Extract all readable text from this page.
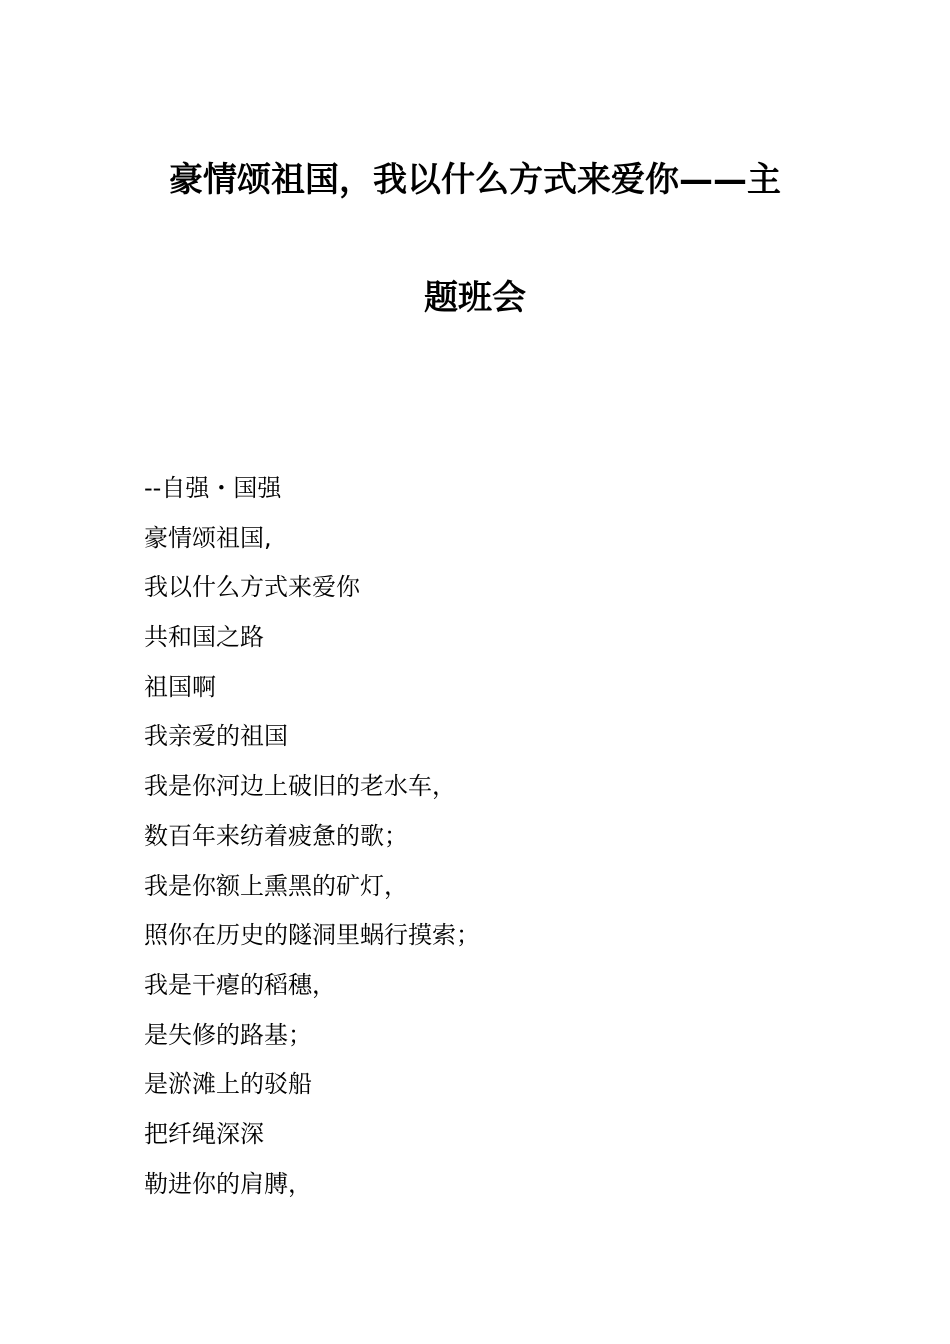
豪情颂祖国，我以什么方式来爱你——主
题班会
--自强・国强
豪情颂祖国,
我以什么方式来爱你
共和国之路
祖国啊
我亲爱的祖国
我是你河边上破旧的老水车，
数百年来纺着疲惫的歌；
我是你额上熏黑的矿灯，
照你在历史的隧洞里蜗行摸索；
我是干瘪的稻穗，
是失修的路基；
是淤滩上的驳船
把纤绳深深
勒进你的肩膊，
